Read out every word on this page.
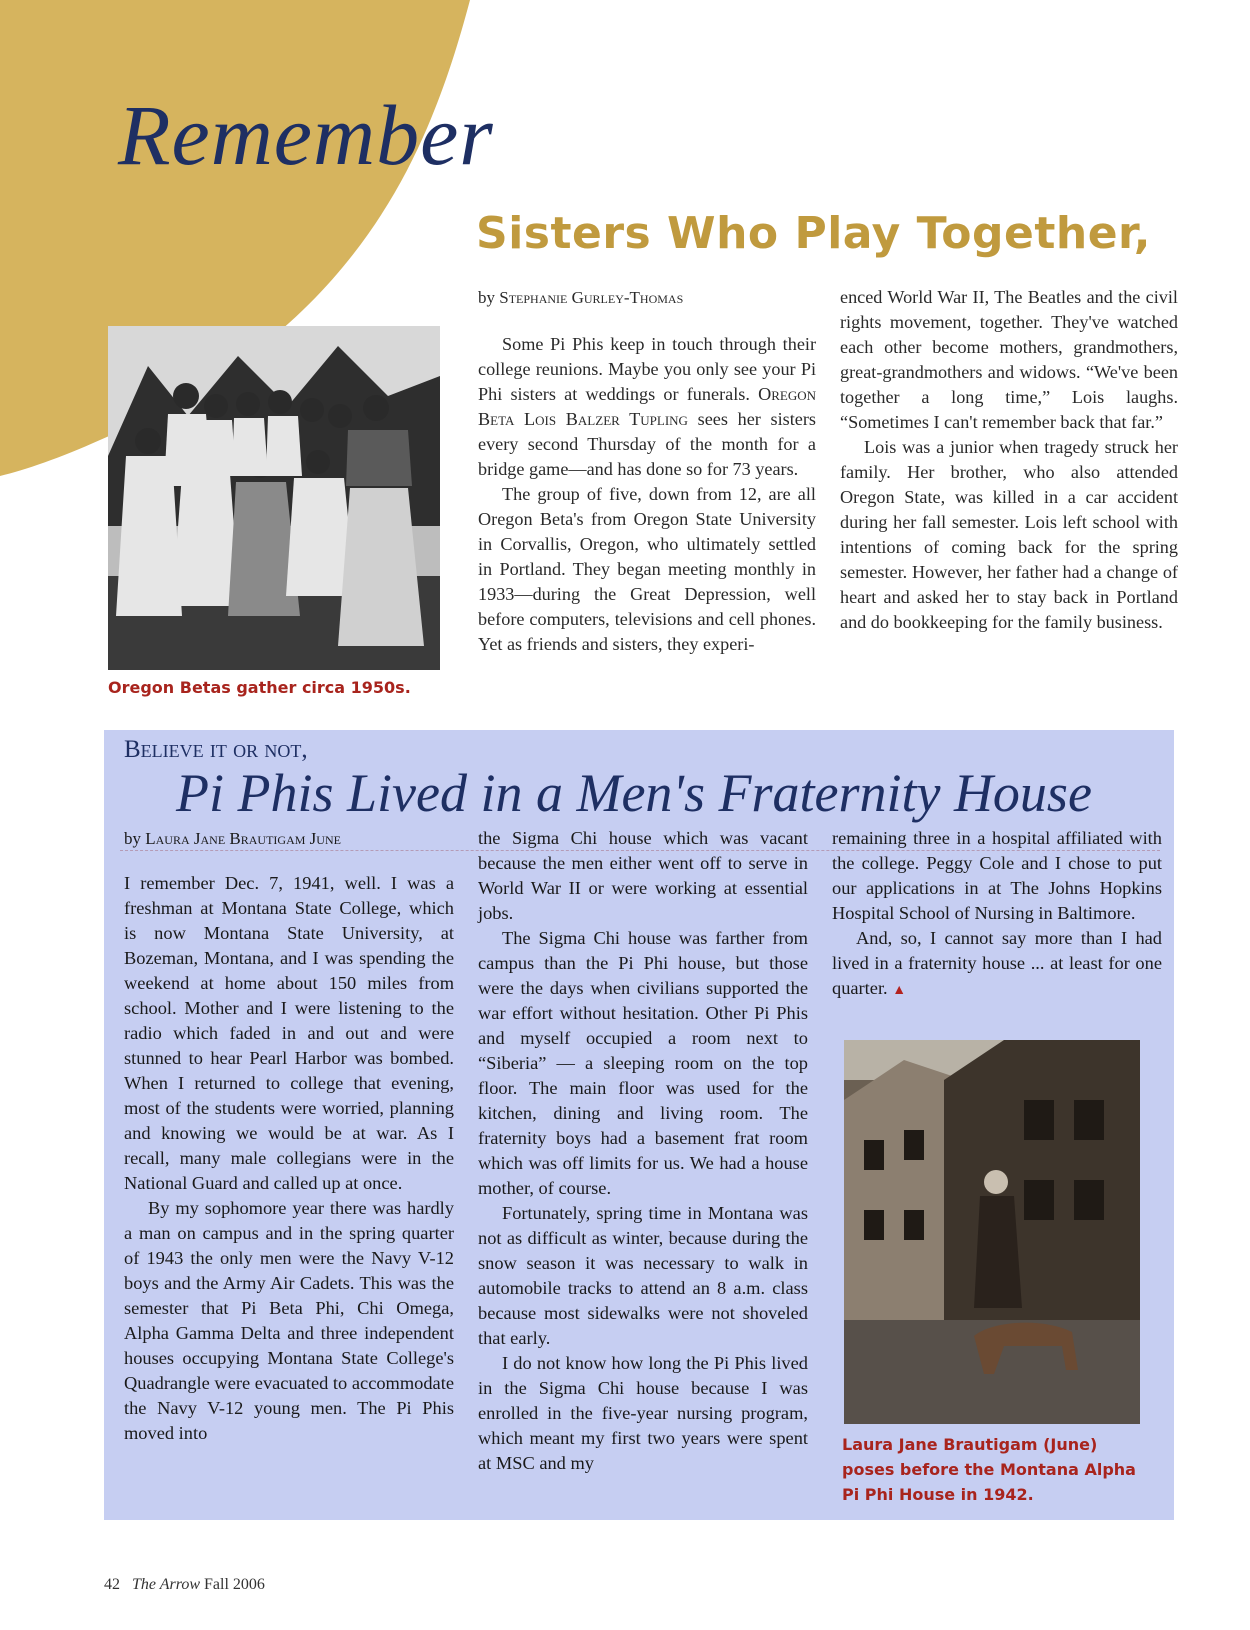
Remember
Sisters Who Play Together,
Oregon Betas gather circa 1950s.
by Stephanie Gurley-Thomas

Some Pi Phis keep in touch through their college reunions. Maybe you only see your Pi Phi sisters at weddings or funerals. Oregon Beta Lois Balzer Tupling sees her sisters every second Thursday of the month for a bridge game—and has done so for 73 years.

The group of five, down from 12, are all Oregon Beta's from Oregon State University in Corvallis, Oregon, who ultimately settled in Portland. They began meeting monthly in 1933—during the Great Depression, well before computers, televisions and cell phones. Yet as friends and sisters, they experi-

enced World War II, The Beatles and the civil rights movement, together. They've watched each other become mothers, grandmothers, great-grandmothers and widows. “We've been together a long time,” Lois laughs. “Sometimes I can't remember back that far.”

Lois was a junior when tragedy struck her family. Her brother, who also attended Oregon State, was killed in a car accident during her fall semester. Lois left school with intentions of coming back for the spring semester. However, her father had a change of heart and asked her to stay back in Portland and do bookkeeping for the family business.

Believe it or not,
Pi Phis Lived in a Men's Fraternity House
by Laura Jane Brautigam June

I remember Dec. 7, 1941, well. I was a freshman at Montana State College, which is now Montana State University, at Bozeman, Montana, and I was spending the weekend at home about 150 miles from school. Mother and I were listening to the radio which faded in and out and were stunned to hear Pearl Harbor was bombed. When I returned to college that evening, most of the students were worried, planning and knowing we would be at war. As I recall, many male collegians were in the National Guard and called up at once.

By my sophomore year there was hardly a man on campus and in the spring quarter of 1943 the only men were the Navy V-12 boys and the Army Air Cadets. This was the semester that Pi Beta Phi, Chi Omega, Alpha Gamma Delta and three independent houses occupying Montana State College's Quadrangle were evacuated to accommodate the Navy V-12 young men. The Pi Phis moved into

the Sigma Chi house which was vacant because the men either went off to serve in World War II or were working at essential jobs.

The Sigma Chi house was farther from campus than the Pi Phi house, but those were the days when civilians supported the war effort without hesitation. Other Pi Phis and myself occupied a room next to “Siberia” — a sleeping room on the top floor. The main floor was used for the kitchen, dining and living room. The fraternity boys had a basement frat room which was off limits for us. We had a house mother, of course.

Fortunately, spring time in Montana was not as difficult as winter, because during the snow season it was necessary to walk in automobile tracks to attend an 8 a.m. class because most sidewalks were not shoveled that early.

I do not know how long the Pi Phis lived in the Sigma Chi house because I was enrolled in the five-year nursing program, which meant my first two years were spent at MSC and my

remaining three in a hospital affiliated with the college. Peggy Cole and I chose to put our applications in at The Johns Hopkins Hospital School of Nursing in Baltimore.

And, so, I cannot say more than I had lived in a fraternity house ... at least for one quarter. ▲

Laura Jane Brautigam (June) poses before the Montana Alpha Pi Phi House in 1942.
42 The Arrow Fall 2006
